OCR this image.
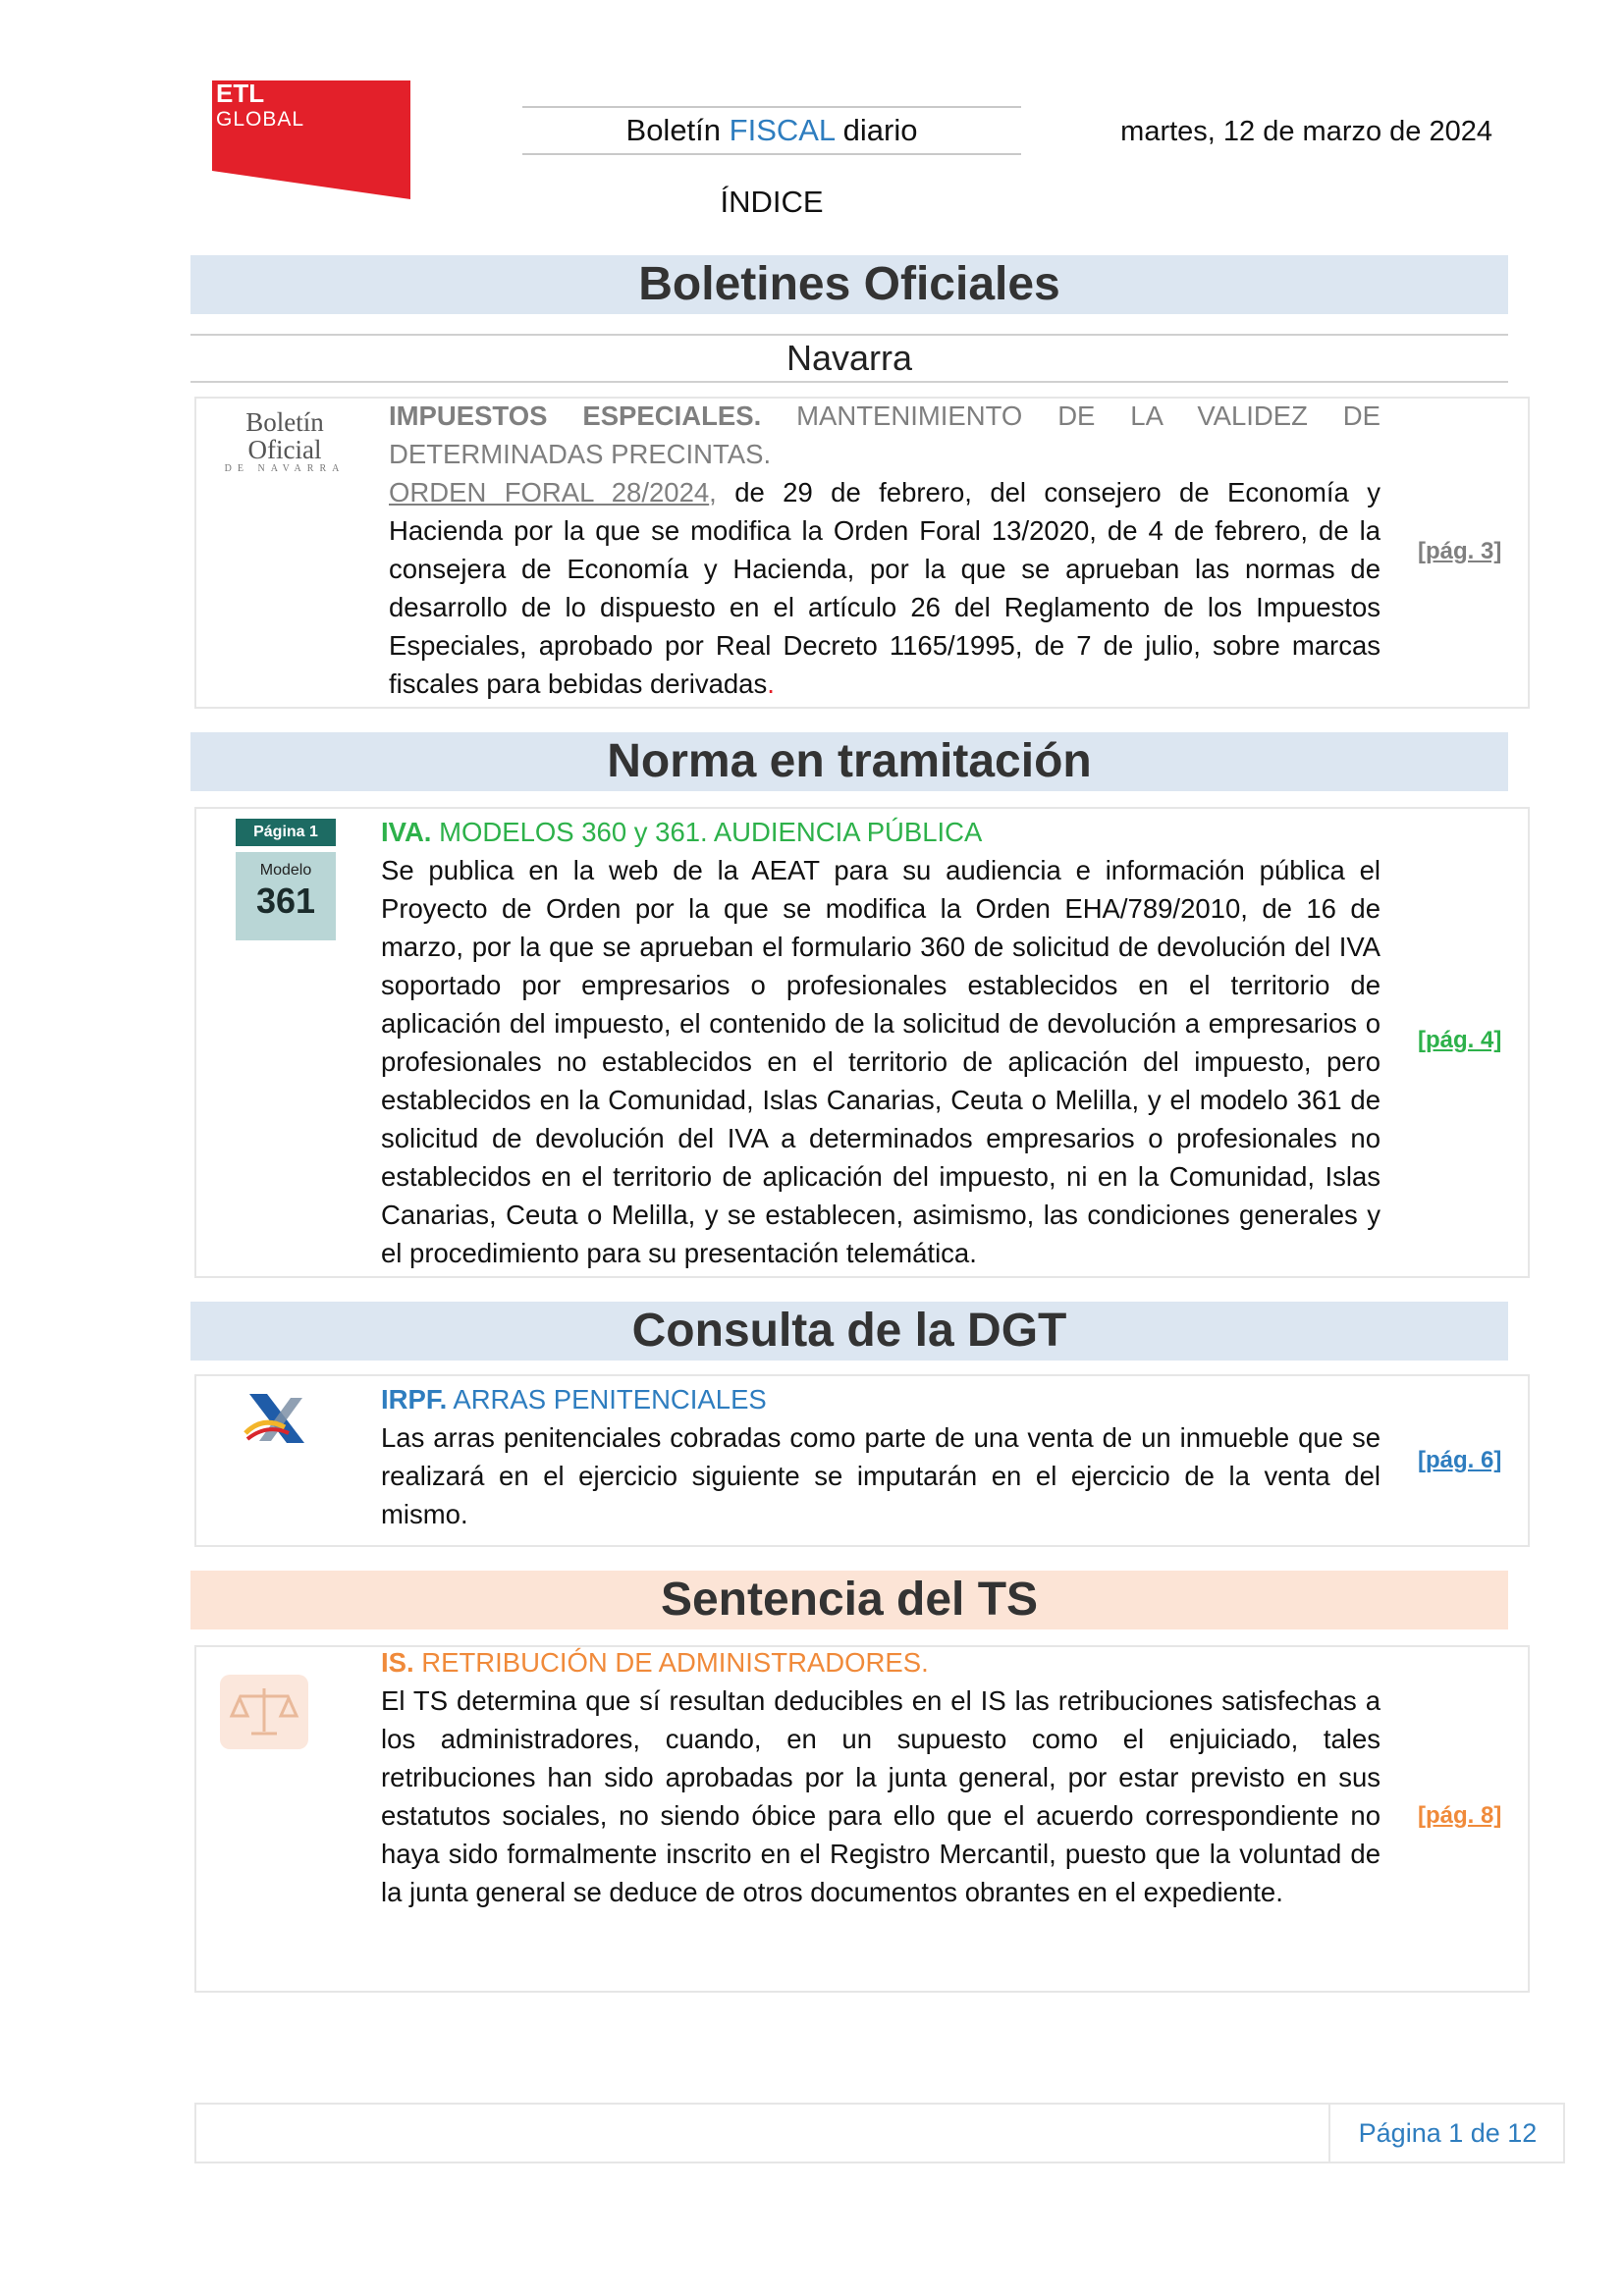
ETL
GLOBAL	Boletín FISCAL diario	martes, 12 de marzo de 2024
ÍNDICE
Boletines Oficiales
Navarra
Boletín Oficial
DE NAVARRA
IMPUESTOS ESPECIALES. MANTENIMIENTO DE LA VALIDEZ DE DETERMINADAS PRECINTAS.
ORDEN FORAL 28/2024, de 29 de febrero, del consejero de Economía y Hacienda por la que se modifica la Orden Foral 13/2020, de 4 de febrero, de la consejera de Economía y Hacienda, por la que se aprueban las normas de desarrollo de lo dispuesto en el artículo 26 del Reglamento de los Impuestos Especiales, aprobado por Real Decreto 1165/1995, de 7 de julio, sobre marcas fiscales para bebidas derivadas.
[pág. 3]
Norma en tramitación
Página 1
Modelo
361
IVA. MODELOS 360 y 361. AUDIENCIA PÚBLICA
Se publica en la web de la AEAT para su audiencia e información pública el Proyecto de Orden por la que se modifica la Orden EHA/789/2010, de 16 de marzo, por la que se aprueban el formulario 360 de solicitud de devolución del IVA soportado por empresarios o profesionales establecidos en el territorio de aplicación del impuesto, el contenido de la solicitud de devolución a empresarios o profesionales no establecidos en el territorio de aplicación del impuesto, pero establecidos en la Comunidad, Islas Canarias, Ceuta o Melilla, y el modelo 361 de solicitud de devolución del IVA a determinados empresarios o profesionales no establecidos en el territorio de aplicación del impuesto, ni en la Comunidad, Islas Canarias, Ceuta o Melilla, y se establecen, asimismo, las condiciones generales y el procedimiento para su presentación telemática.
[pág. 4]
Consulta de la DGT
IRPF. ARRAS PENITENCIALES
Las arras penitenciales cobradas como parte de una venta de un inmueble que se realizará en el ejercicio siguiente se imputarán en el ejercicio de la venta del mismo.
[pág. 6]
Sentencia del TS
IS. RETRIBUCIÓN DE ADMINISTRADORES.
El TS determina que sí resultan deducibles en el IS las retribuciones satisfechas a los administradores, cuando, en un supuesto como el enjuiciado, tales retribuciones han sido aprobadas por la junta general, por estar previsto en sus estatutos sociales, no siendo óbice para ello que el acuerdo correspondiente no haya sido formalmente inscrito en el Registro Mercantil, puesto que la voluntad de la junta general se deduce de otros documentos obrantes en el expediente.
[pág. 8]
Página 1 de 12
